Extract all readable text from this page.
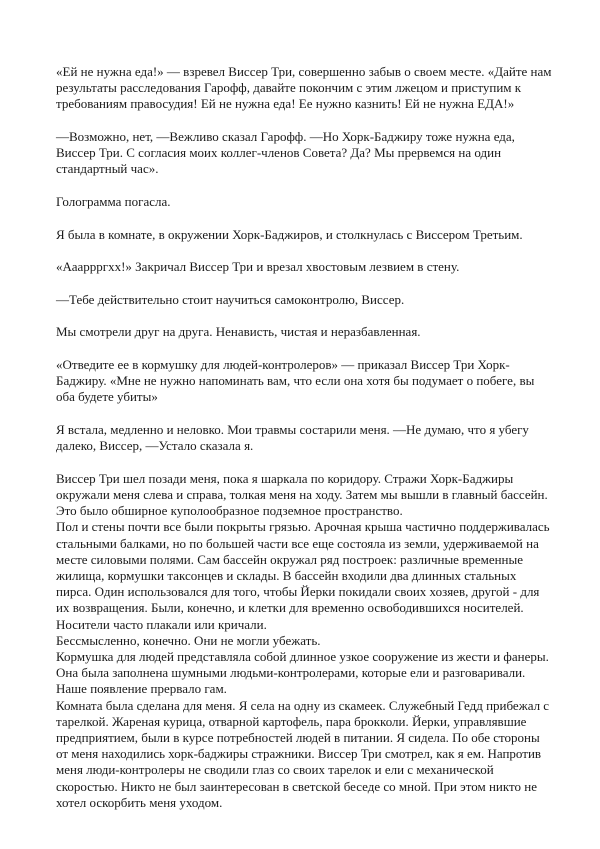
«Ей не нужна еда!» — взревел Виссер Три, совершенно забыв о своем месте. «Дайте нам результаты расследования Гарофф, давайте покончим с этим лжецом и приступим к требованиям правосудия! Ей не нужна еда! Ее нужно казнить! Ей не нужна ЕДА!»

—Возможно, нет, —Вежливо сказал Гарофф. —Но Хорк-Баджиру тоже нужна еда, Виссер Три. С согласия моих коллег-членов Совета? Да? Мы прервемся на один стандартный час».

Голограмма погасла.

Я была в комнате, в окружении Хорк-Баджиров, и столкнулась с Виссером Третьим.

«Аааррргхх!» Закричал Виссер Три и врезал хвостовым лезвием в стену.

—Тебе действительно стоит научиться самоконтролю, Виссер.

Мы смотрели друг на друга. Ненависть, чистая и неразбавленная.

«Отведите ее в кормушку для людей-контролеров» — приказал Виссер Три Хорк-Баджиру. «Мне не нужно напоминать вам, что если она хотя бы подумает о побеге, вы оба будете убиты»

Я встала, медленно и неловко. Мои травмы состарили меня. —Не думаю, что я убегу далеко, Виссер, —Устало сказала я.

Виссер Три шел позади меня, пока я шаркала по коридору. Стражи Хорк-Баджиры окружали меня слева и справа, толкая меня на ходу. Затем мы вышли в главный бассейн. Это было обширное куполообразное подземное пространство.

Пол и стены почти все были покрыты грязью. Арочная крыша частично поддерживалась стальными балками, но по большей части все еще состояла из земли, удерживаемой на месте силовыми полями. Сам бассейн окружал ряд построек: различные временные жилища, кормушки таксонцев и склады. В бассейн входили два длинных стальных пирса. Один использовался для того, чтобы Йерки покидали своих хозяев, другой - для их возвращения. Были, конечно, и клетки для временно освободившихся носителей. Носители часто плакали или кричали.

Бессмысленно, конечно. Они не могли убежать.

Кормушка для людей представляла собой длинное узкое сооружение из жести и фанеры. Она была заполнена шумными людьми-контролерами, которые ели и разговаривали. Наше появление прервало гам.

Комната была сделана для меня. Я села на одну из скамеек. Служебный Гедд прибежал с тарелкой. Жареная курица, отварной картофель, пара брокколи. Йерки, управлявшие предприятием, были в курсе потребностей людей в питании. Я сидела. По обе стороны от меня находились хорк-баджиры стражники. Виссер Три смотрел, как я ем. Напротив меня люди-контролеры не сводили глаз со своих тарелок и ели с механической скоростью. Никто не был заинтересован в светской беседе со мной. При этом никто не хотел оскорбить меня уходом.
